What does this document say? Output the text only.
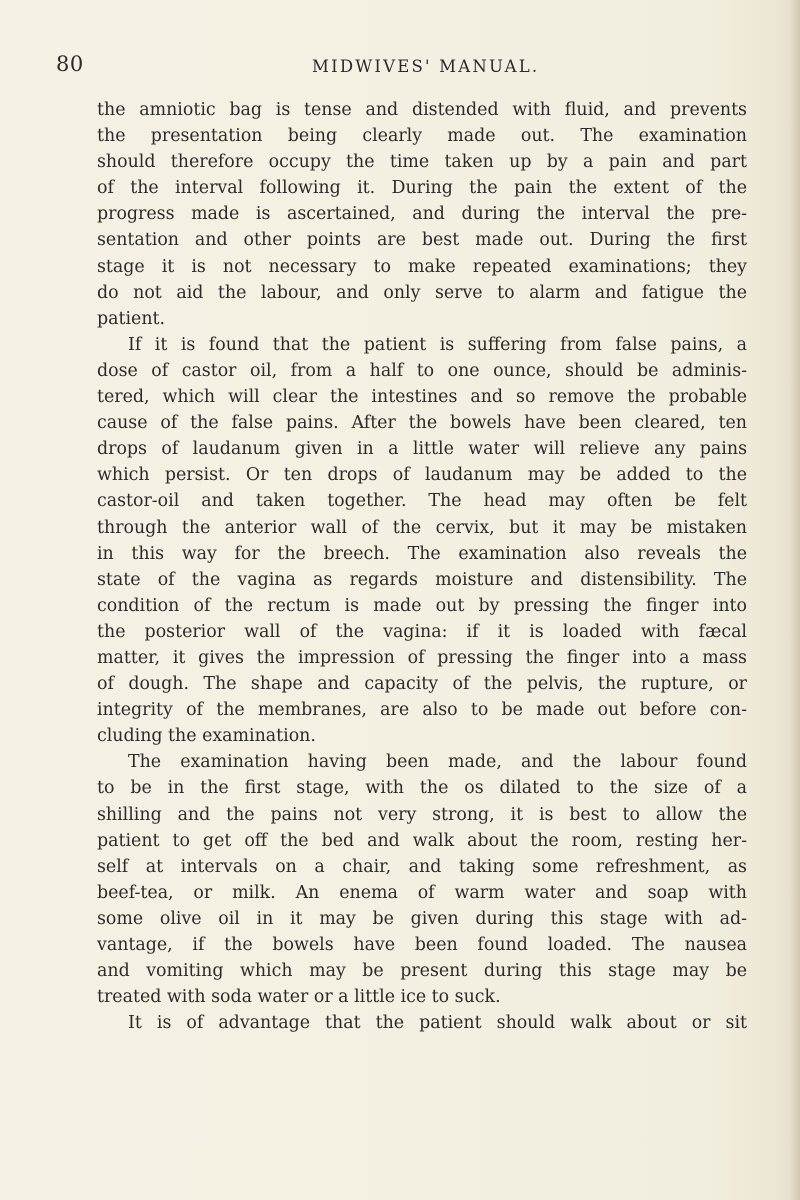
80	MIDWIVES' MANUAL.
the amniotic bag is tense and distended with fluid, and prevents
the presentation being clearly made out. The examination
should therefore occupy the time taken up by a pain and part
of the interval following it. During the pain the extent of the
progress made is ascertained, and during the interval the pre-
sentation and other points are best made out. During the first
stage it is not necessary to make repeated examinations; they
do not aid the labour, and only serve to alarm and fatigue the
patient.
If it is found that the patient is suffering from false pains, a
dose of castor oil, from a half to one ounce, should be adminis-
tered, which will clear the intestines and so remove the probable
cause of the false pains. After the bowels have been cleared, ten
drops of laudanum given in a little water will relieve any pains
which persist. Or ten drops of laudanum may be added to the
castor-oil and taken together. The head may often be felt
through the anterior wall of the cervix, but it may be mistaken
in this way for the breech. The examination also reveals the
state of the vagina as regards moisture and distensibility. The
condition of the rectum is made out by pressing the finger into
the posterior wall of the vagina: if it is loaded with fæcal
matter, it gives the impression of pressing the finger into a mass
of dough. The shape and capacity of the pelvis, the rupture, or
integrity of the membranes, are also to be made out before con-
cluding the examination.
The examination having been made, and the labour found
to be in the first stage, with the os dilated to the size of a
shilling and the pains not very strong, it is best to allow the
patient to get off the bed and walk about the room, resting her-
self at intervals on a chair, and taking some refreshment, as
beef-tea, or milk. An enema of warm water and soap with
some olive oil in it may be given during this stage with ad-
vantage, if the bowels have been found loaded. The nausea
and vomiting which may be present during this stage may be
treated with soda water or a little ice to suck.
It is of advantage that the patient should walk about or sit
